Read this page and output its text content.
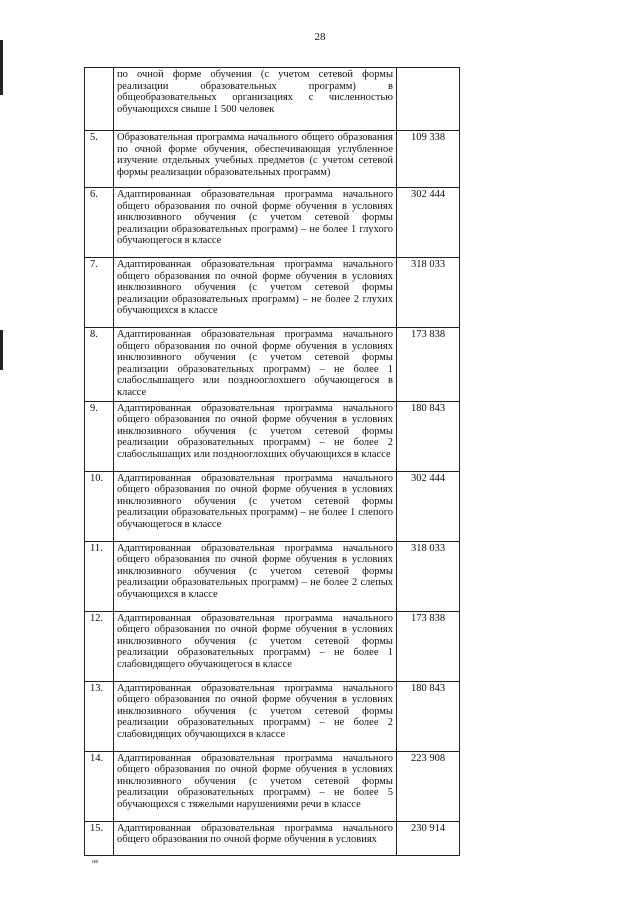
28
	по очной форме обучения (с учетом сетевой формы реализации образовательных программ) в общеобразовательных организациях с численностью обучающихся свыше 1 500 человек	
5.	Образовательная программа начального общего образования по очной форме обучения, обеспечивающая углубленное изучение отдельных учебных предметов (с учетом сетевой формы реализации образовательных программ)	109 338
6.	Адаптированная образовательная программа начального общего образования по очной форме обучения в условиях инклюзивного обучения (с учетом сетевой формы реализации образовательных программ) – не более 1 глухого обучающегося в классе	302 444
7.	Адаптированная образовательная программа начального общего образования по очной форме обучения в условиях инклюзивного обучения (с учетом сетевой формы реализации образовательных программ) – не более 2 глухих обучающихся в классе	318 033
8.	Адаптированная образовательная программа начального общего образования по очной форме обучения в условиях инклюзивного обучения (с учетом сетевой формы реализации образовательных программ) – не более 1 слабослышащего или позднооглохшего обучающегося в классе	173 838
9.	Адаптированная образовательная программа начального общего образования по очной форме обучения в условиях инклюзивного обучения (с учетом сетевой формы реализации образовательных программ) – не более 2 слабослышащих или позднооглохших обучающихся в классе	180 843
10.	Адаптированная образовательная программа начального общего образования по очной форме обучения в условиях инклюзивного обучения (с учетом сетевой формы реализации образовательных программ) – не более 1 слепого обучающегося в классе	302 444
11.	Адаптированная образовательная программа начального общего образования по очной форме обучения в условиях инклюзивного обучения (с учетом сетевой формы реализации образовательных программ) – не более 2 слепых обучающихся в классе	318 033
12.	Адаптированная образовательная программа начального общего образования по очной форме обучения в условиях инклюзивного обучения (с учетом сетевой формы реализации образовательных программ) – не более 1 слабовидящего обучающегося в классе	173 838
13.	Адаптированная образовательная программа начального общего образования по очной форме обучения в условиях инклюзивного обучения (с учетом сетевой формы реализации образовательных программ) – не более 2 слабовидящих обучающихся в классе	180 843
14.	Адаптированная образовательная программа начального общего образования по очной форме обучения в условиях инклюзивного обучения (с учетом сетевой формы реализации образовательных программ) – не более 5 обучающихся с тяжелыми нарушениями речи в классе	223 908
15.	Адаптированная образовательная программа начального общего образования по очной форме обучения в условиях	230 914
нв
